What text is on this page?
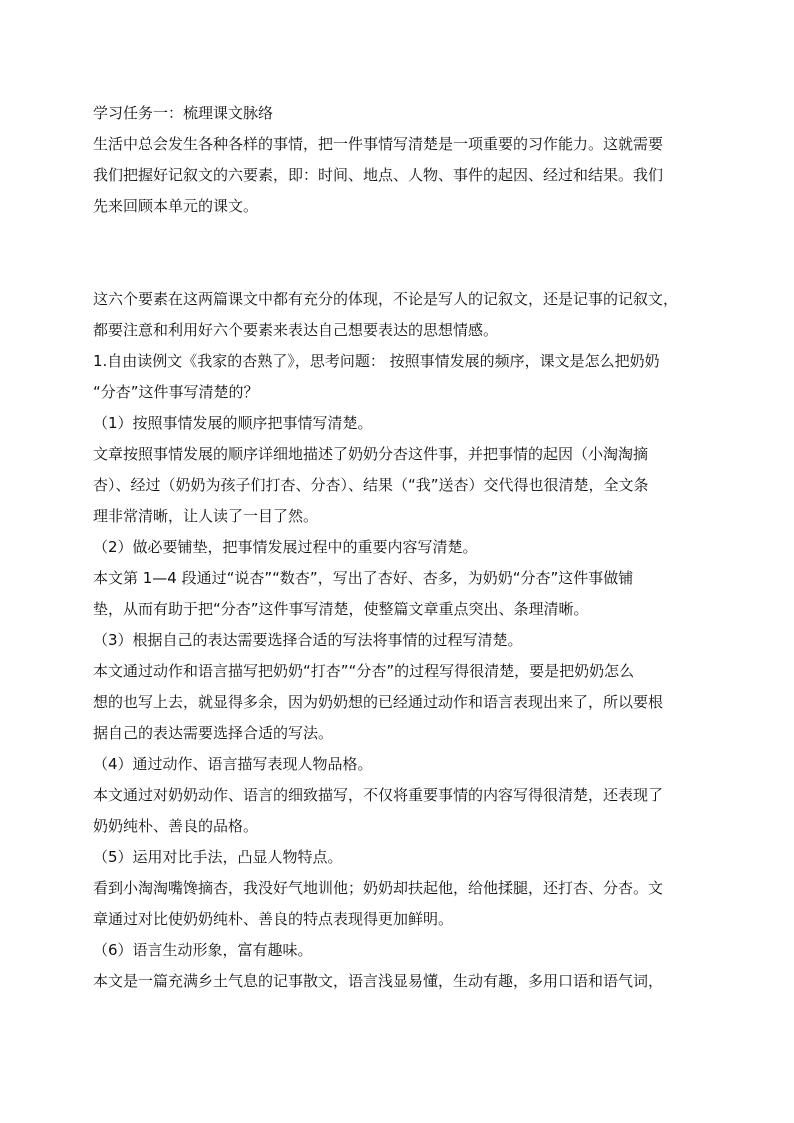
学习任务一：梳理课文脉络

生活中总会发生各种各样的事情，把一件事情写清楚是一项重要的习作能力。这就需要

我们把握好记叙文的六要素，即：时间、地点、人物、事件的起因、经过和结果。我们

先来回顾本单元的课文。

这六个要素在这两篇课文中都有充分的体现，不论是写人的记叙文，还是记事的记叙文，

都要注意和利用好六个要素来表达自己想要表达的思想情感。

1.自由读例文《我家的杏熟了》，思考问题： 按照事情发展的频序，课文是怎么把奶奶

“分杏”这件事写清楚的？

（1）按照事情发展的顺序把事情写清楚。

文章按照事情发展的顺序详细地描述了奶奶分杏这件事，并把事情的起因（小淘淘摘

杏）、经过（奶奶为孩子们打杏、分杏）、结果（“我”送杏）交代得也很清楚，全文条

理非常清晰，让人读了一目了然。

（2）做必要铺垫，把事情发展过程中的重要内容写清楚。

本文第 1—4 段通过“说杏”“数杏”，写出了杏好、杏多，为奶奶“分杏”这件事做铺

垫，从而有助于把“分杏”这件事写清楚，使整篇文章重点突出、条理清晰。

（3）根据自己的表达需要选择合适的写法将事情的过程写清楚。

本文通过动作和语言描写把奶奶“打杏”“分杏”的过程写得很清楚，要是把奶奶怎么

想的也写上去，就显得多余，因为奶奶想的已经通过动作和语言表现出来了，所以要根

据自己的表达需要选择合适的写法。

（4）通过动作、语言描写表现人物品格。

本文通过对奶奶动作、语言的细致描写，不仅将重要事情的内容写得很清楚，还表现了

奶奶纯朴、善良的品格。

（5）运用对比手法，凸显人物特点。

看到小淘淘嘴馋摘杏，我没好气地训他；奶奶却扶起他，给他揉腿，还打杏、分杏。文

章通过对比使奶奶纯朴、善良的特点表现得更加鲜明。

（6）语言生动形象，富有趣味。

本文是一篇充满乡土气息的记事散文，语言浅显易懂，生动有趣，多用口语和语气词，
